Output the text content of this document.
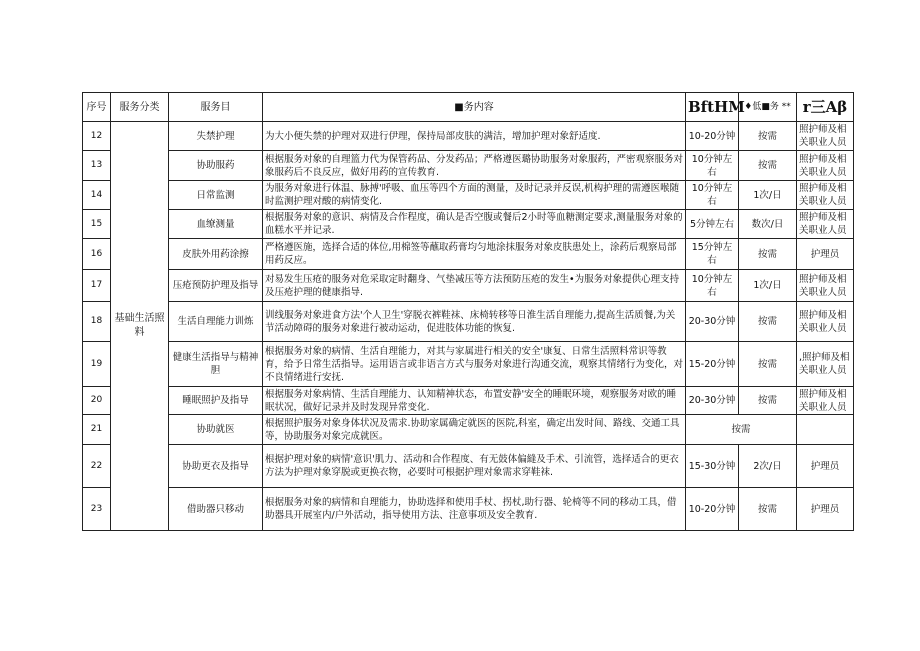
序号	服务分类	服务目	■务内容	BftHM	♦低■务 **	r三Aβ
12	基础生活照料	失禁护理	为大小便失禁的护理对双进行伊理，保持局部皮肤的满洁，增加护理对象舒适度.	10-20分钟	按需	照护师及相关职业人员
13		协助服药	根据服务对象的自理篮力代为保管药品、分发药品；严格遵医璐协助服务对象服药，严密观察服务对象服药后不良反应，做好用药的宣传教育.	10分钟左右	按需	照护师及相关职业人员
14		日常监测	为服务对象进行体温、脉搏'呼吸、血压等四个方面的测量，及时记录并反误,机构护理的需遵医喉随时监测护理对酸的病情变化.	10分钟左右	1次/日	照护师及相关职业人员
15		血缭测量	根据服务对象的意识、病情及合作程度，确认是否空腹或餐后2小时等血糖测定要求,测量服务对象的血糕水平并记录.	5分钟左右	数次/日	照护师及相关职业人员
16		皮肤外用药涂擦	严格遵医施，选择合适的体位,用棉签等蘸取药膏均匀地涂抹服务对象皮肤患处上，涂药后观察局部用药反应。	15分钟左右	按需	护理员
17		压疮预防护理及指导	对易发生压疮的服务对危采取定时翻身、气垫减压等方法预防压疮的发生•为服务对象提供心理支持及压疮护理的健康指导.	10分钟左右	1次/日	照护师及相关职业人员
18		生活自理能力训炼	训线服务对象进食方法'个人卫生'穿脱衣裤鞋袜、床椅转移等日淮生活自理能力,提高生活质餐,为关节活动障碍的服务对象进行被动运动，促进肢体功能的恢复.	20-30分钟	按需	照护师及相关职业人员
19		健康生活指导与精神胆	根据服务对象的病情、生活自理能力，对其与家属进行相关的安全'康复、日常生活照料常识等教育，给予日常生活指导。运用语言或非语言方式与服务对象进行沟通交流，观察其情绪行为变化，对不良情绪进行安抚.	15-20分钟	按需	,照护师及相关职业人员
20		睡眠照护及指导	根据服务对象病情、生活自理能力、认知精神状态，布置安静'安全的睡眠环境，观察服务对欧的睡眠状况，做好记录并及时发现异常变化.	20-30分钟	按需	照护师及相关职业人员
21		协助就医	根据照护服务对象身体状况及需求.协助家属确定就医的医院,科室，确定出发时间、路线、交通工具等，协助服务对象完成就医。	按需		
22		协助更衣及指导	根据护理对象的病情'意识'肌力、活动和合作程度、有无鼓体偏縫及手术、引流管，选择适合的更衣方法为护理对象穿脱或更换衣物，必要时可根据护理对象需求穿鞋袜.	15-30分钟	2次/日	护理员
23		借助器只移动	根据服务对象的病情和自理能力，协助选择和使用手杖、拐杖,助行器、轮椅等不同的移动工具，借助器具开展室内/户外活动，指导使用方法、注意事项及安全教育.	10-20分钟	按需	护理员
